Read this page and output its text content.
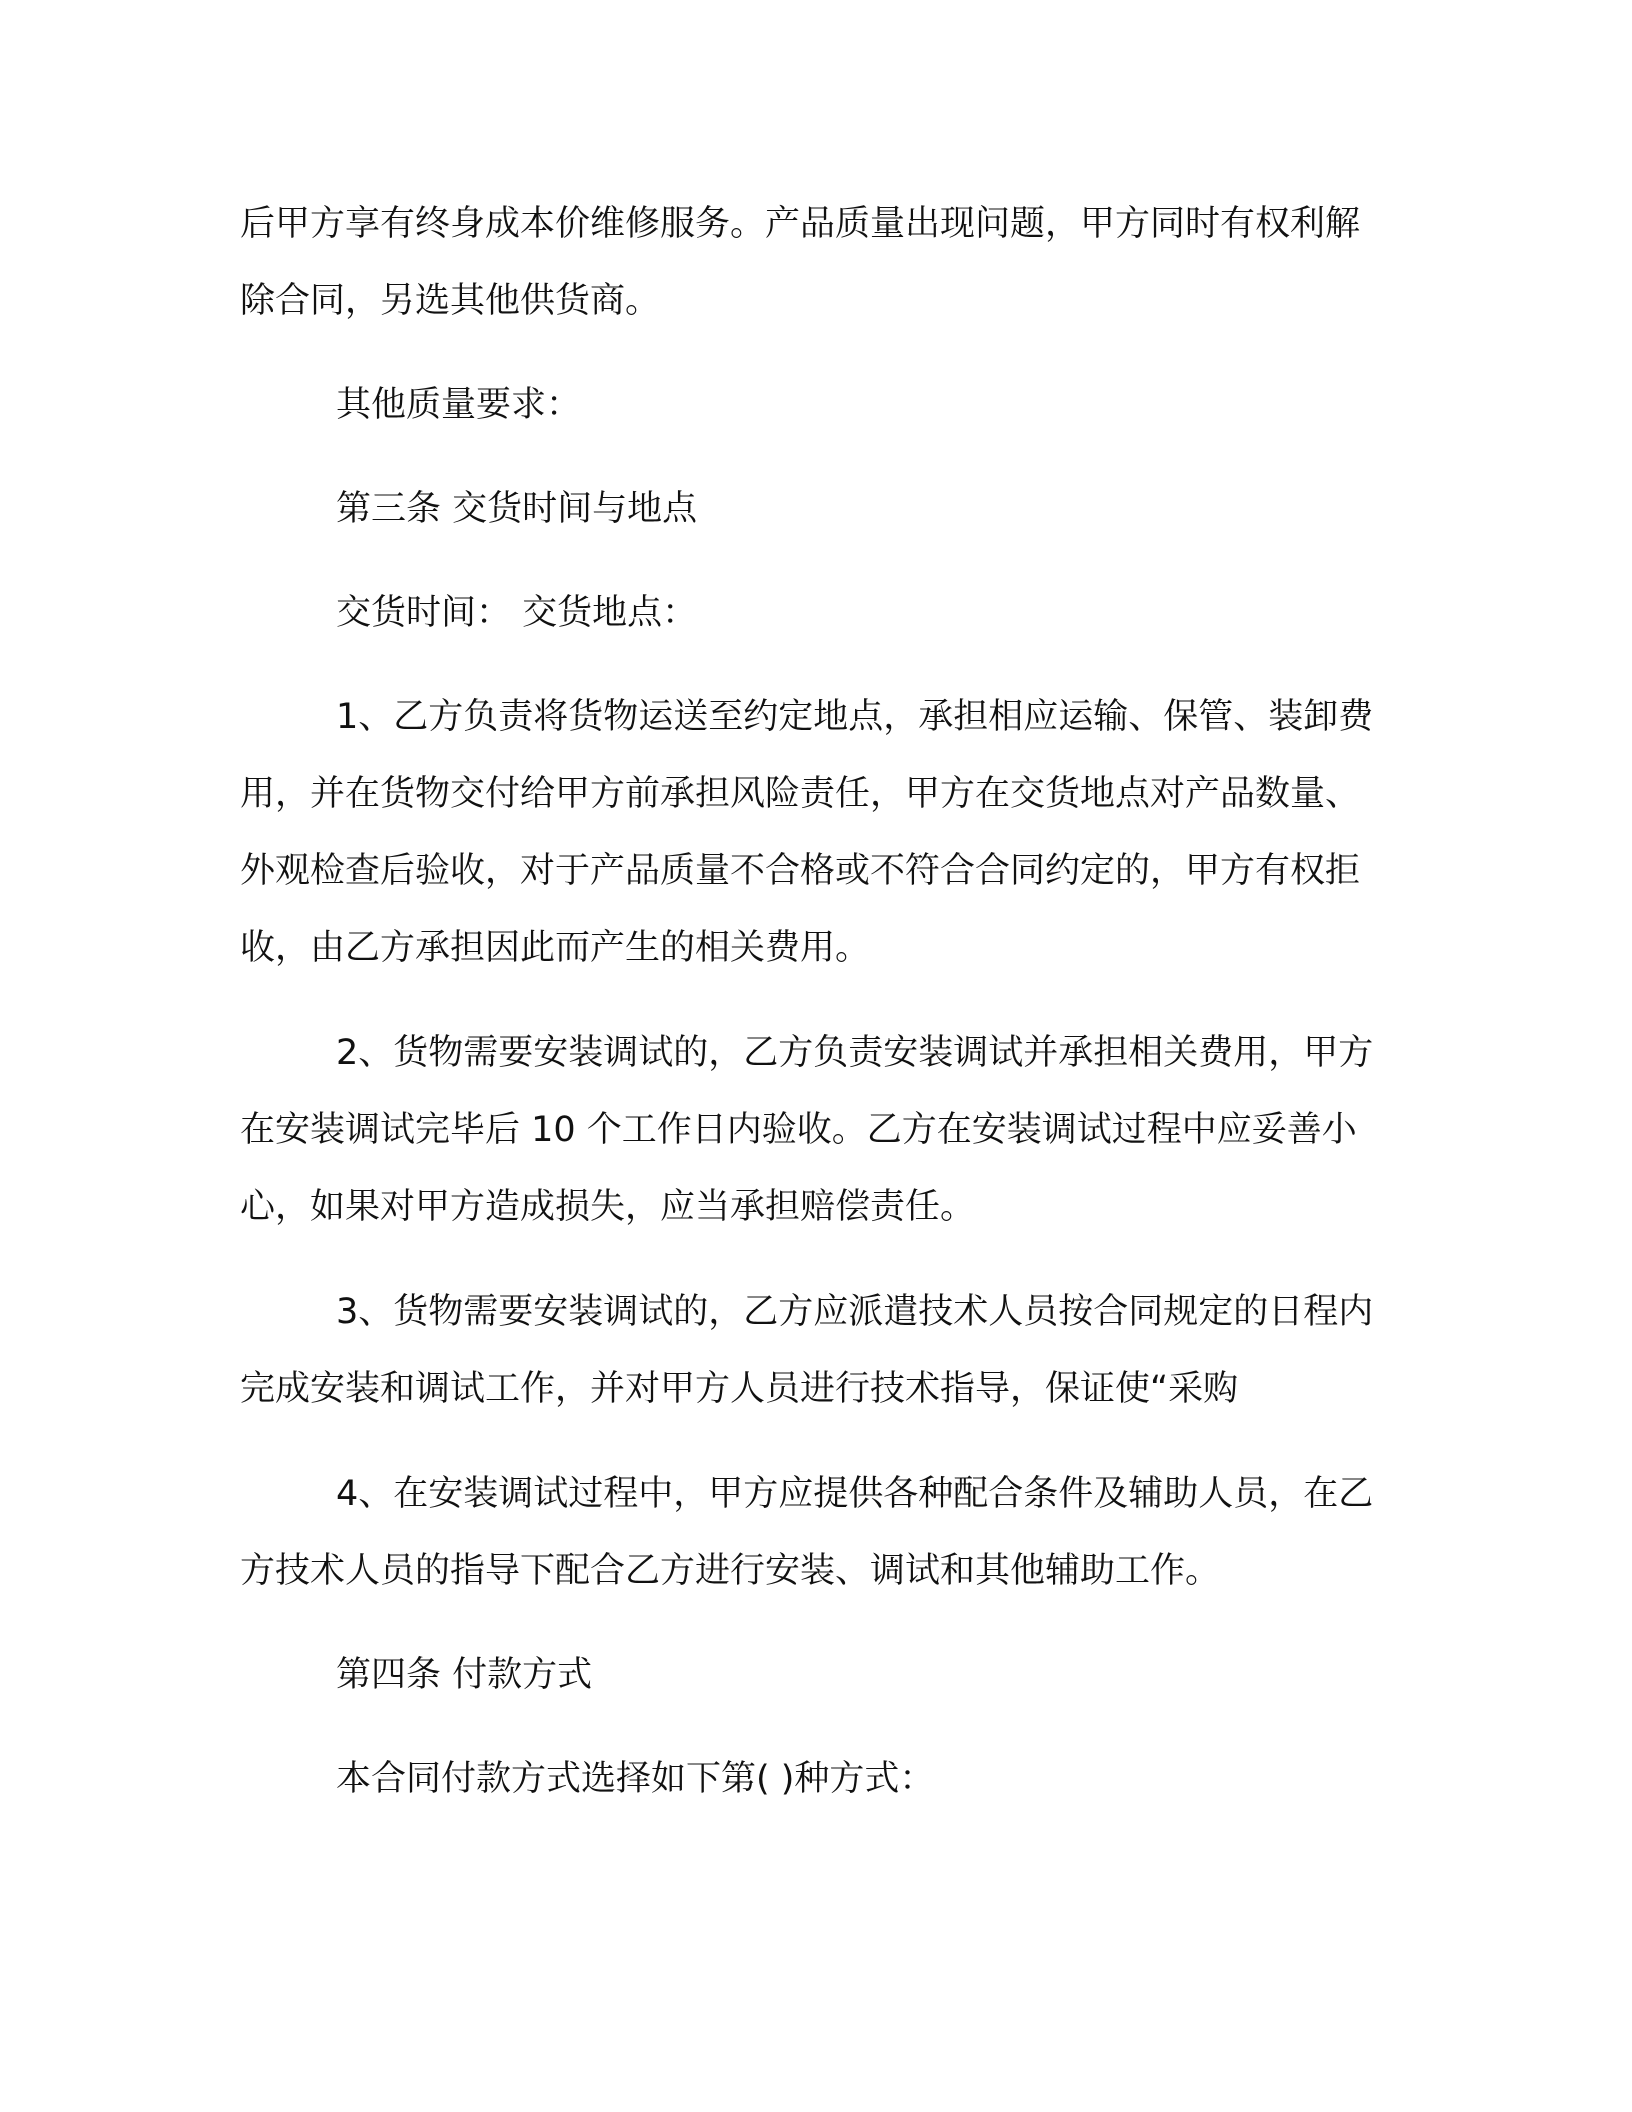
后甲方享有终身成本价维修服务。产品质量出现问题，甲方同时有权利解除合同，另选其他供货商。

其他质量要求：

第三条 交货时间与地点

交货时间： 交货地点：

1、乙方负责将货物运送至约定地点，承担相应运输、保管、装卸费用，并在货物交付给甲方前承担风险责任，甲方在交货地点对产品数量、外观检查后验收，对于产品质量不合格或不符合合同约定的，甲方有权拒收，由乙方承担因此而产生的相关费用。

2、货物需要安装调试的，乙方负责安装调试并承担相关费用，甲方在安装调试完毕后 10 个工作日内验收。乙方在安装调试过程中应妥善小心，如果对甲方造成损失，应当承担赔偿责任。

3、货物需要安装调试的，乙方应派遣技术人员按合同规定的日程内完成安装和调试工作，并对甲方人员进行技术指导，保证使“采购

4、在安装调试过程中，甲方应提供各种配合条件及辅助人员，在乙方技术人员的指导下配合乙方进行安装、调试和其他辅助工作。

第四条 付款方式

本合同付款方式选择如下第( )种方式：
